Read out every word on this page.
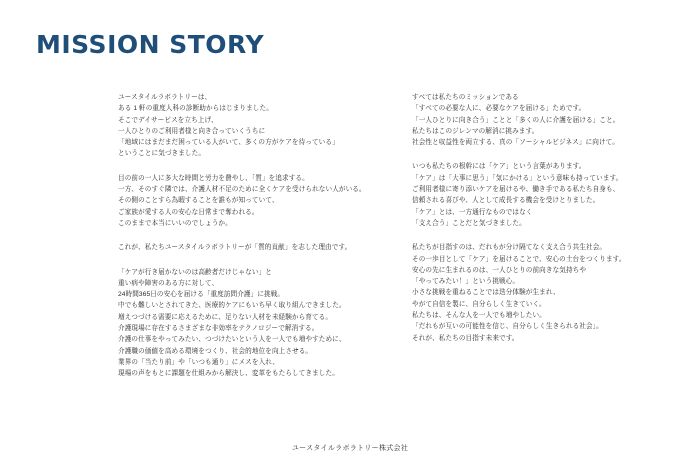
MISSION STORY
ユースタイルラボラトリーは、
ある 1 軒の重度人科の診断助からはじまりました。
そこでデイサービスを立ち上げ、
一人ひとりのご利用者様と向き合っていくうちに
「地域にはまだまだ困っている人がいて、多くの方がケアを待っている」
ということに気づきました。
目の前の一人に多大な時間と労力を費やし、「質」を追求する。
一方、そのすぐ隣では、介護人材不足のために全くケアを受けられない人がいる。
その側のことすら為暇することを誰もが知っていて、
ご家族が愛する人の安心な日常まで奪われる。
このままで本当にいいのでしょうか。
これが、私たちユースタイルラボラトリーが「質的貢献」を志した理由です。
「ケアが行き届かないのは高齢者だけじゃない」と
重い病や障害のある方に対して、
24時間365日の安心を届ける「重度訪問介護」に挑戦。
中でも難しいとされてきた、医療的ケアにもいち早く取り組んできました。
増えつづける需要に応えるために、足りない人材を未経験から育てる。
介護現場に存在するさまざまな非効率をテクノロジーで解消する。
介護の仕事をやってみたい、つづけたいという人を一人でも増やすために、
介護職の価値を高める環境をつくり、社会的地位を向上させる。
業界の「当たり前」や「いつも通り」にメスを入れ、
現場の声をもとに課題を仕組みから解決し、変革をもたらしてきました。
すべては私たちのミッションである
「すべての必要な人に、必要なケアを届ける」ためです。
「一人ひとりに向き合う」ことと「多くの人に介護を届ける」こと。
私たちはこのジレンマの解消に挑みます。
社会性と収益性を両立する、真の「ソーシャルビジネス」に向けて。
いつも私たちの根幹には「ケア」という言葉があります。
「ケア」は「大事に思う」「気にかける」という意味も持っています。
ご利用者様に寄り添いケアを届けるや、働き手である私たち自身も、
信頼される喜びや、人として成長する機会を受けとりました。
「ケア」とは、一方通行なものではなく
「支え合う」ことだと気づきました。
私たちが目指すのは、だれもが分け隔てなく支え合う共生社会。
その一歩目として「ケア」を届けることで、安心の土台をつくります。
安心の先に生まれるのは、一人ひとりの前向きな気持ちや
「やってみたい！」という挑戦心。
小さな挑戦を重ねることでは迭分体験が生まれ、
やがて自信を製に、自分らしく生きていく。
私たちは、そんな人を一人でも増やしたい。
「だれもが互いの可能性を信じ、自分らしく生きられる社会」。
それが、私たちの目指す未来です。
ユースタイルラボラトリー株式会社
